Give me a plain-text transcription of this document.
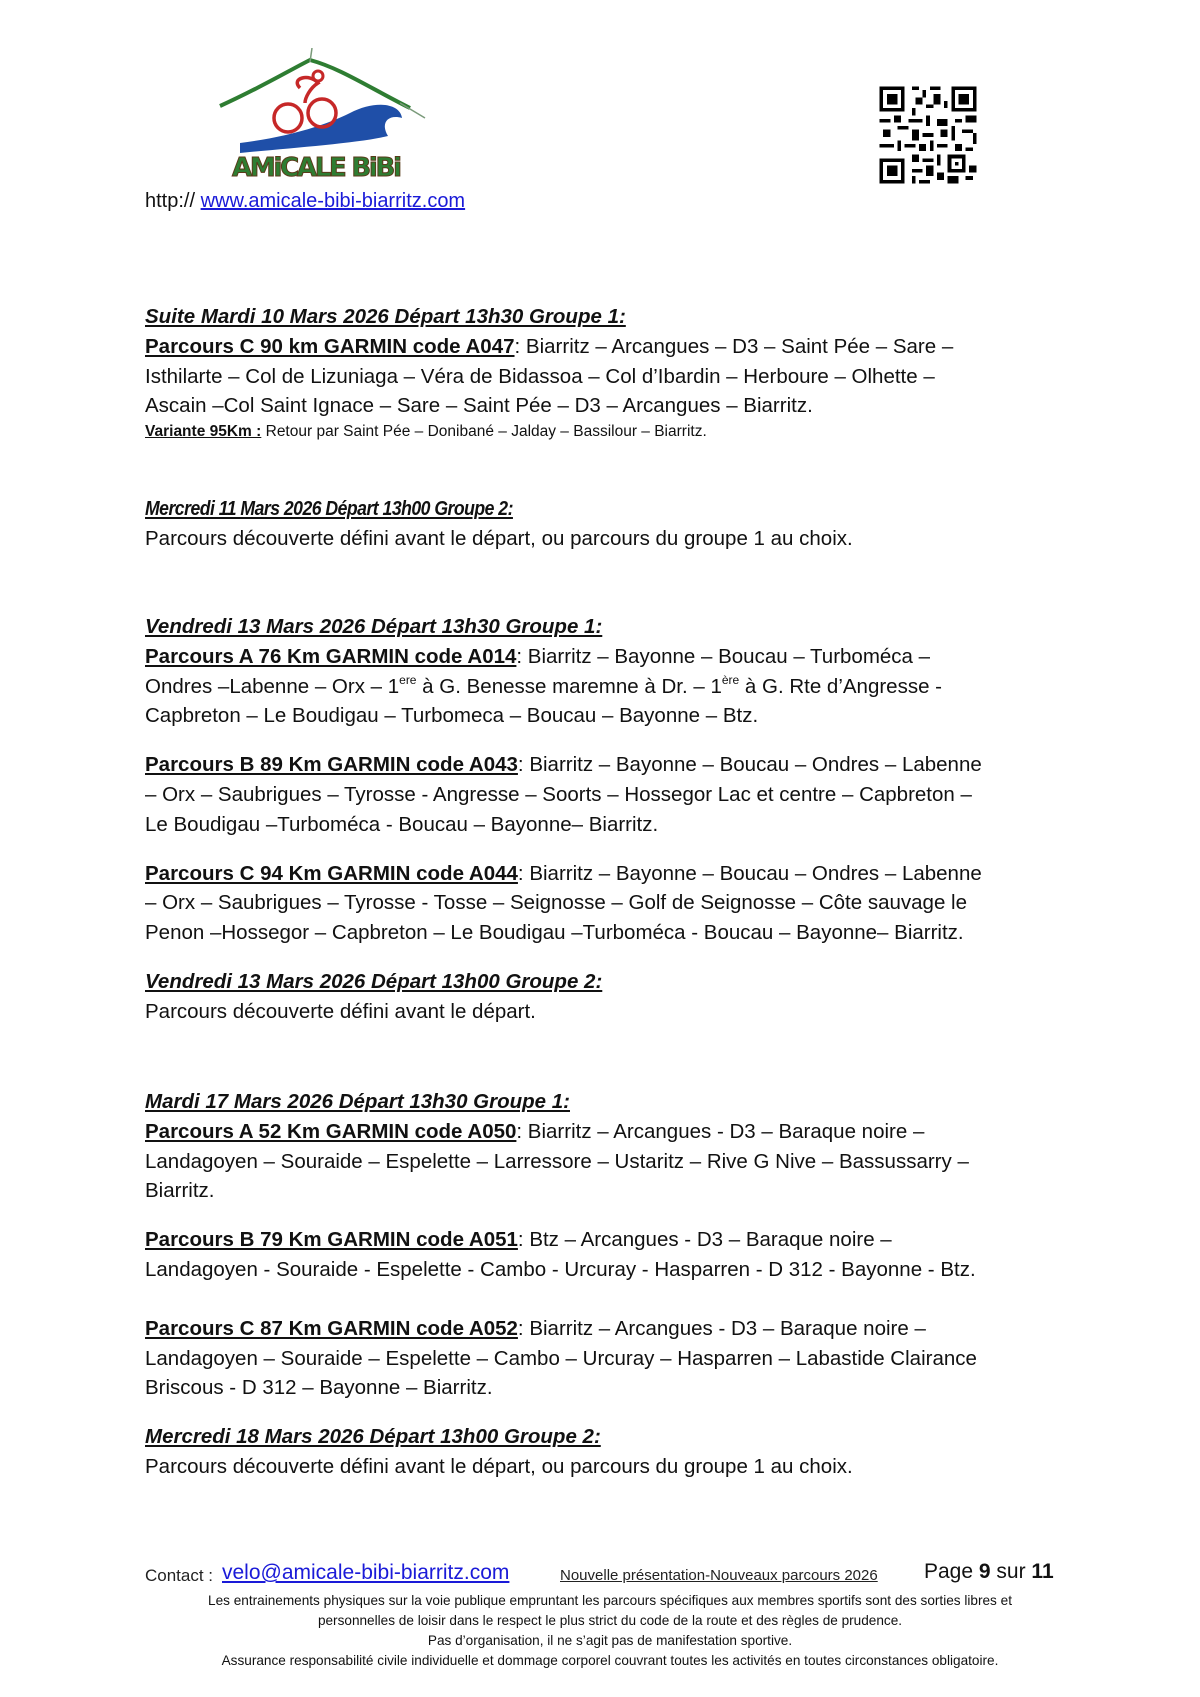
AMiCALE BiBi
http:// www.amicale-bibi-biarritz.com
Suite Mardi 10 Mars 2026 Départ 13h30 Groupe 1:
Parcours C 90 km GARMIN code A047: Biarritz – Arcangues – D3 – Saint Pée – Sare –
Isthilarte – Col de Lizuniaga – Véra de Bidassoa – Col d’Ibardin – Herboure – Olhette –
Ascain –Col Saint Ignace – Sare – Saint Pée – D3 – Arcangues – Biarritz.
Variante 95Km : Retour par Saint Pée – Donibané – Jalday – Bassilour – Biarritz.
Mercredi 11 Mars 2026 Départ 13h00 Groupe 2:
Parcours découverte défini avant le départ, ou parcours du groupe 1 au choix.
Vendredi 13 Mars 2026 Départ 13h30 Groupe 1:
Parcours A 76 Km GARMIN code A014: Biarritz – Bayonne – Boucau – Turboméca –
Ondres –Labenne – Orx – 1ere à G. Benesse maremne à Dr. – 1ère à G. Rte d’Angresse -
Capbreton – Le Boudigau – Turbomeca – Boucau – Bayonne – Btz.
Parcours B 89 Km GARMIN code A043: Biarritz – Bayonne – Boucau – Ondres – Labenne
– Orx – Saubrigues – Tyrosse - Angresse – Soorts – Hossegor Lac et centre – Capbreton –
Le Boudigau –Turboméca - Boucau – Bayonne– Biarritz.
Parcours C 94 Km GARMIN code A044: Biarritz – Bayonne – Boucau – Ondres – Labenne
– Orx – Saubrigues – Tyrosse - Tosse – Seignosse – Golf de Seignosse – Côte sauvage le
Penon –Hossegor – Capbreton – Le Boudigau –Turboméca - Boucau – Bayonne– Biarritz.
Vendredi 13 Mars 2026 Départ 13h00 Groupe 2:
Parcours découverte défini avant le départ.
Mardi 17 Mars 2026 Départ 13h30 Groupe 1:
Parcours A 52 Km GARMIN code A050: Biarritz – Arcangues - D3 – Baraque noire –
Landagoyen – Souraide – Espelette – Larressore – Ustaritz – Rive G Nive – Bassussarry –
Biarritz.
Parcours B 79 Km GARMIN code A051: Btz – Arcangues - D3 – Baraque noire –
Landagoyen - Souraide - Espelette - Cambo - Urcuray - Hasparren - D 312 - Bayonne - Btz.
Parcours C 87 Km GARMIN code A052: Biarritz – Arcangues - D3 – Baraque noire –
Landagoyen – Souraide – Espelette – Cambo – Urcuray – Hasparren – Labastide Clairance
Briscous - D 312 – Bayonne – Biarritz.
Mercredi 18 Mars 2026 Départ 13h00 Groupe 2:
Parcours découverte défini avant le départ, ou parcours du groupe 1 au choix.
Contact : velo@amicale-bibi-biarritz.com	Nouvelle présentation-Nouveaux parcours 2026 Page 9 sur 11
Les entrainements physiques sur la voie publique empruntant les parcours spécifiques aux membres sportifs sont des sorties libres et
personnelles de loisir dans le respect le plus strict du code de la route et des règles de prudence.
Pas d’organisation, il ne s’agit pas de manifestation sportive.
Assurance responsabilité civile individuelle et dommage corporel couvrant toutes les activités en toutes circonstances obligatoire.
